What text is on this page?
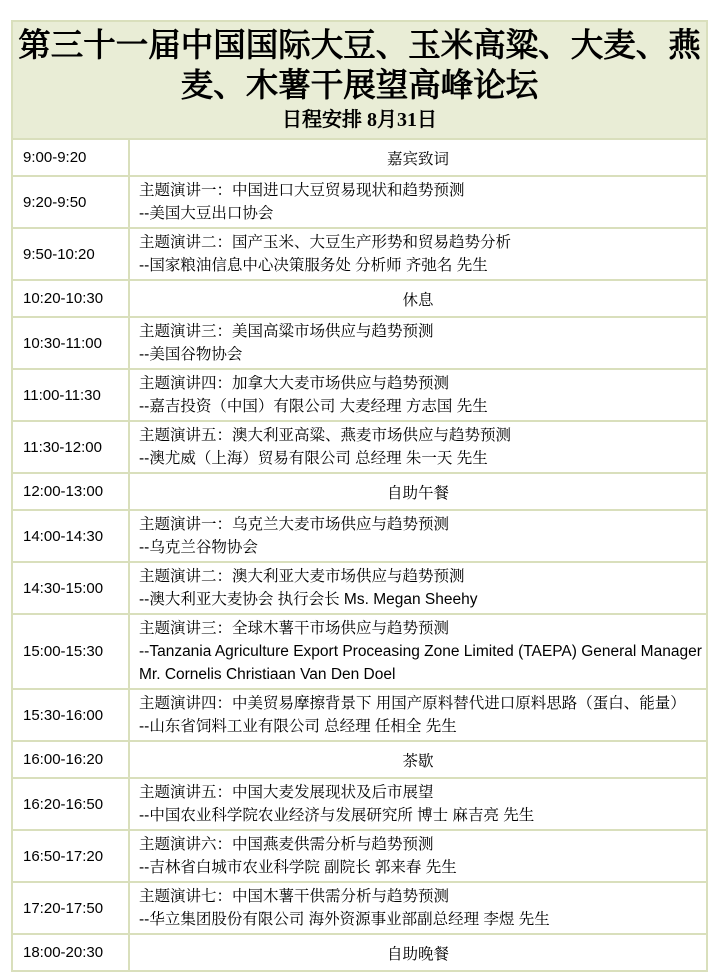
第三十一届中国国际大豆、玉米高粱、大麦、燕麦、木薯干展望高峰论坛
日程安排 8月31日	

9:00-9:20	嘉宾致词
9:20-9:50	主题演讲一：中国进口大豆贸易现状和趋势预测
--美国大豆出口协会

9:50-10:20	主题演讲二：国产玉米、大豆生产形势和贸易趋势分析
--国家粮油信息中心决策服务处 分析师 齐弛名 先生

10:20-10:30	休息
10:30-11:00	主题演讲三：美国高粱市场供应与趋势预测
--美国谷物协会

11:00-11:30	主题演讲四：加拿大大麦市场供应与趋势预测
--嘉吉投资（中国）有限公司 大麦经理 方志国 先生

11:30-12:00	主题演讲五：澳大利亚高粱、燕麦市场供应与趋势预测
--澳尤威（上海）贸易有限公司 总经理 朱一天 先生

12:00-13:00	自助午餐
14:00-14:30	主题演讲一：乌克兰大麦市场供应与趋势预测
--乌克兰谷物协会

14:30-15:00	主题演讲二：澳大利亚大麦市场供应与趋势预测
--澳大利亚大麦协会 执行会长 Ms. Megan Sheehy

15:00-15:30	主题演讲三：全球木薯干市场供应与趋势预测
--Tanzania Agriculture Export Proceasing Zone Limited (TAEPA) General Manager
Mr. Cornelis Christiaan Van Den Doel

15:30-16:00	主题演讲四：中美贸易摩擦背景下 用国产原料替代进口原料思路（蛋白、能量）
--山东省饲料工业有限公司 总经理 任相全 先生

16:00-16:20	茶歇
16:20-16:50	主题演讲五：中国大麦发展现状及后市展望
--中国农业科学院农业经济与发展研究所 博士 麻吉亮 先生

16:50-17:20	主题演讲六：中国燕麦供需分析与趋势预测
--吉林省白城市农业科学院 副院长 郭来春 先生

17:20-17:50	主题演讲七：中国木薯干供需分析与趋势预测
--华立集团股份有限公司 海外资源事业部副总经理 李煜 先生

18:00-20:30	自助晚餐
